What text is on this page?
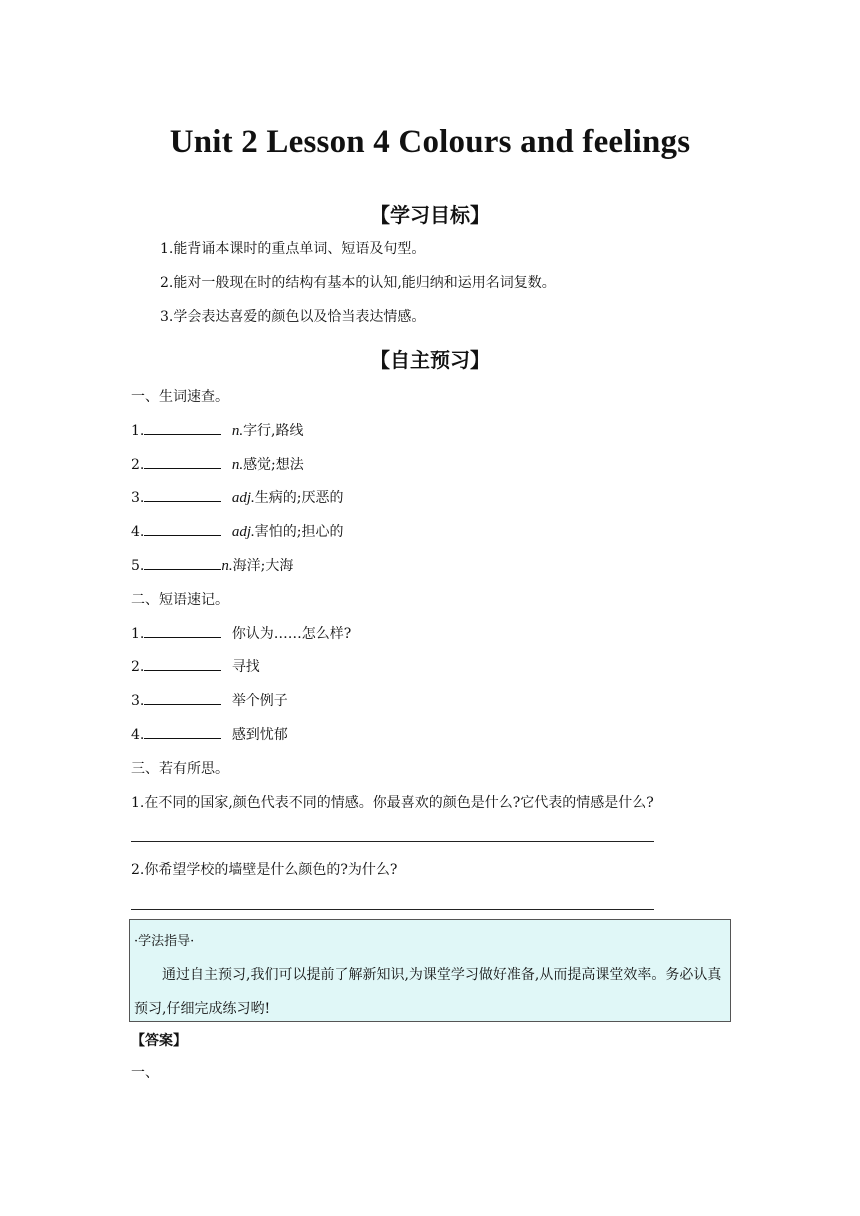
Unit 2 Lesson 4 Colours and feelings
【学习目标】
1.能背诵本课时的重点单词、短语及句型。
2.能对一般现在时的结构有基本的认知,能归纳和运用名词复数。
3.学会表达喜爱的颜色以及恰当表达情感。
【自主预习】
一、生词速查。
1.	n.字行,路线
2.	n.感觉;想法
3.	adj.生病的;厌恶的
4.	adj.害怕的;担心的
5.	n.海洋;大海
二、短语速记。
1.	你认为……怎么样?
2.	寻找
3.	举个例子
4.	感到忧郁
三、若有所思。
1.在不同的国家,颜色代表不同的情感。你最喜欢的颜色是什么?它代表的情感是什么?
2.你希望学校的墙壁是什么颜色的?为什么?
·学法指导·
通过自主预习,我们可以提前了解新知识,为课堂学习做好准备,从而提高课堂效率。务必认真预习,仔细完成练习哟!
【答案】
一、
